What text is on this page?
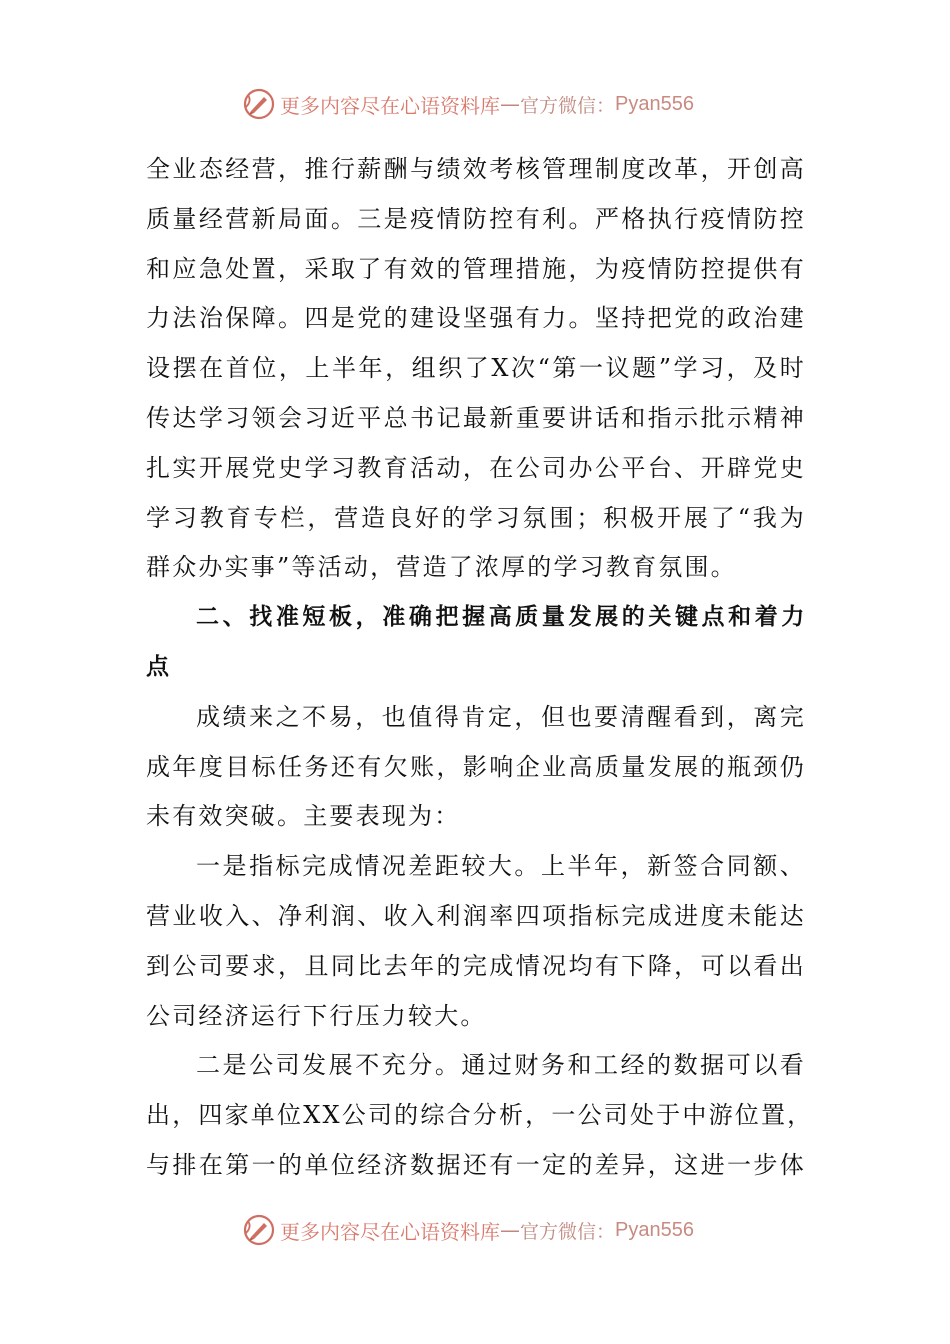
更多内容尽在心语资料库 — 官方微信： Pyan556
全业态经营，推行薪酬与绩效考核管理制度改革，开创高
质量经营新局面。三是疫情防控有利。严格执行疫情防控
和应急处置，采取了有效的管理措施，为疫情防控提供有
力法治保障。四是党的建设坚强有力。坚持把党的政治建
设摆在首位，上半年，组织了X次“第一议题”学习，及时
传达学习领会习近平总书记最新重要讲话和指示批示精神
扎实开展党史学习教育活动，在公司办公平台、开辟党史
学习教育专栏，营造良好的学习氛围；积极开展了“我为
群众办实事”等活动，营造了浓厚的学习教育氛围。
二、找准短板，准确把握高质量发展的关键点和着力
点
成绩来之不易，也值得肯定，但也要清醒看到，离完
成年度目标任务还有欠账，影响企业高质量发展的瓶颈仍
未有效突破。主要表现为：
一是指标完成情况差距较大。上半年，新签合同额、
营业收入、净利润、收入利润率四项指标完成进度未能达
到公司要求，且同比去年的完成情况均有下降，可以看出
公司经济运行下行压力较大。
二是公司发展不充分。通过财务和工经的数据可以看
出，四家单位XX公司的综合分析，一公司处于中游位置，
与排在第一的单位经济数据还有一定的差异，这进一步体
更多内容尽在心语资料库 — 官方微信： Pyan556
